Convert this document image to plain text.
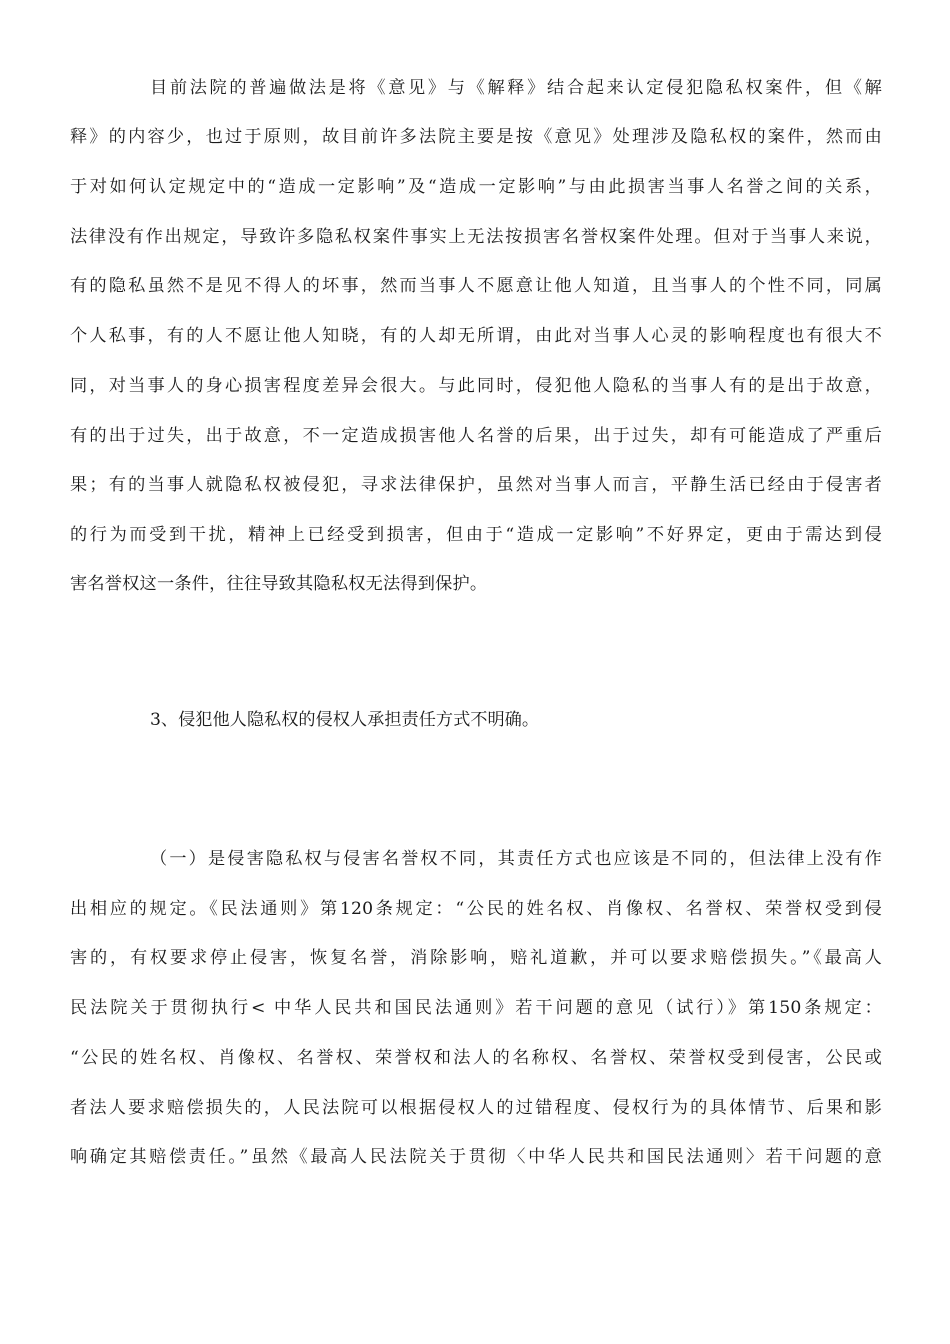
目前法院的普遍做法是将《意见》与《解释》结合起来认定侵犯隐私权案件，但《解
释》的内容少，也过于原则，故目前许多法院主要是按《意见》处理涉及隐私权的案件，然而由
于对如何认定规定中的“造成一定影响”及“造成一定影响”与由此损害当事人名誉之间的关系，
法律没有作出规定，导致许多隐私权案件事实上无法按损害名誉权案件处理。但对于当事人来说，
有的隐私虽然不是见不得人的坏事，然而当事人不愿意让他人知道，且当事人的个性不同，同属
个人私事，有的人不愿让他人知晓，有的人却无所谓，由此对当事人心灵的影响程度也有很大不
同，对当事人的身心损害程度差异会很大。与此同时，侵犯他人隐私的当事人有的是出于故意，
有的出于过失，出于故意，不一定造成损害他人名誉的后果，出于过失，却有可能造成了严重后
果；有的当事人就隐私权被侵犯，寻求法律保护，虽然对当事人而言，平静生活已经由于侵害者
的行为而受到干扰，精神上已经受到损害，但由于“造成一定影响”不好界定，更由于需达到侵
害名誉权这一条件，往往导致其隐私权无法得到保护。
3、侵犯他人隐私权的侵权人承担责任方式不明确。
（一）是侵害隐私权与侵害名誉权不同，其责任方式也应该是不同的，但法律上没有作
出相应的规定。《民法通则》第120条规定：“公民的姓名权、肖像权、名誉权、荣誉权受到侵
害的，有权要求停止侵害，恢复名誉，消除影响，赔礼道歉，并可以要求赔偿损失。”《最高人
民法院关于贯彻执行< 中华人民共和国民法通则》若干问题的意见（试行）》第150条规定：
“公民的姓名权、肖像权、名誉权、荣誉权和法人的名称权、名誉权、荣誉权受到侵害，公民或
者法人要求赔偿损失的，人民法院可以根据侵权人的过错程度、侵权行为的具体情节、后果和影
响确定其赔偿责任。”虽然《最高人民法院关于贯彻〈中华人民共和国民法通则〉若干问题的意
